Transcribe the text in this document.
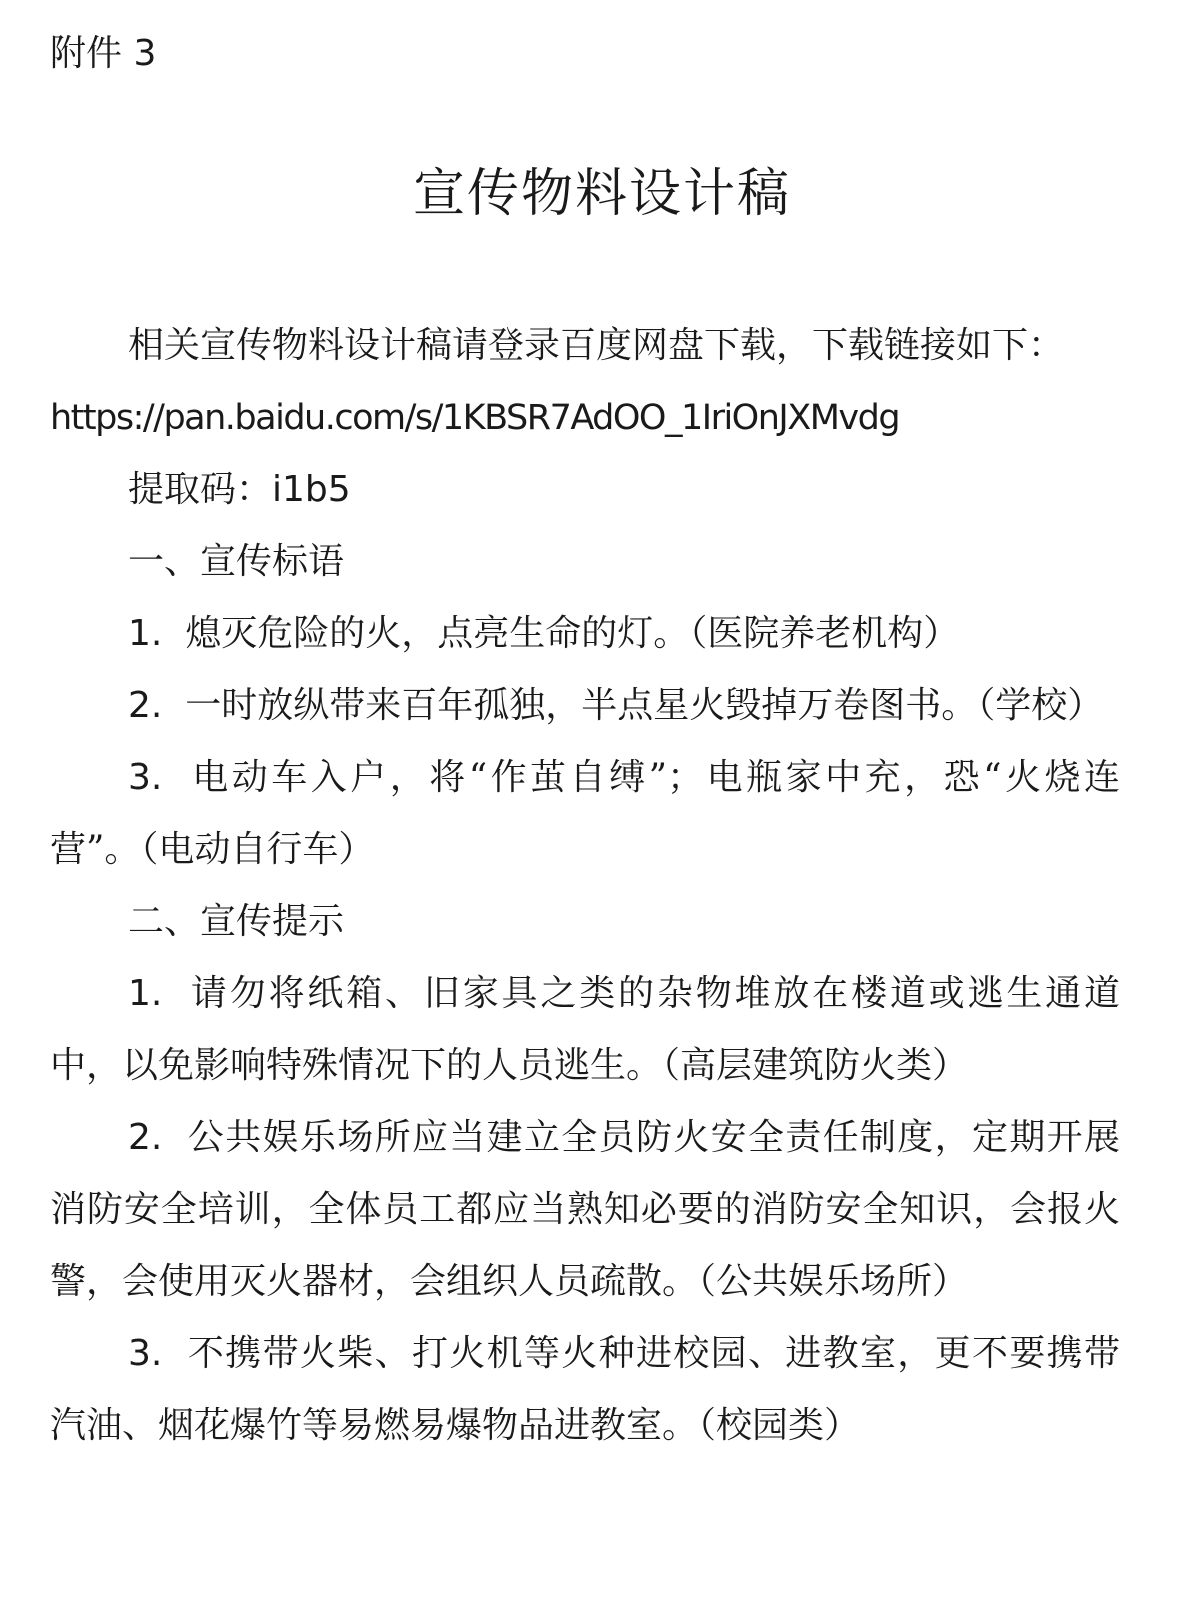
附件 3
宣传物料设计稿

相关宣传物料设计稿请登录百度网盘下载，下载链接如下：

https://pan.baidu.com/s/1KBSR7AdOO_1IriOnJXMvdg

提取码：i1b5

一、宣传标语

1. 熄灭危险的火，点亮生命的灯。（医院养老机构）

2. 一时放纵带来百年孤独，半点星火毁掉万卷图书。（学校）

3. 电动车入户，将“作茧自缚”；电瓶家中充，恐“火烧连营”。（电动自行车）

二、宣传提示

1. 请勿将纸箱、旧家具之类的杂物堆放在楼道或逃生通道中，以免影响特殊情况下的人员逃生。（高层建筑防火类）

2. 公共娱乐场所应当建立全员防火安全责任制度，定期开展消防安全培训，全体员工都应当熟知必要的消防安全知识，会报火警，会使用灭火器材，会组织人员疏散。（公共娱乐场所）

3. 不携带火柴、打火机等火种进校园、进教室，更不要携带汽油、烟花爆竹等易燃易爆物品进教室。（校园类）
